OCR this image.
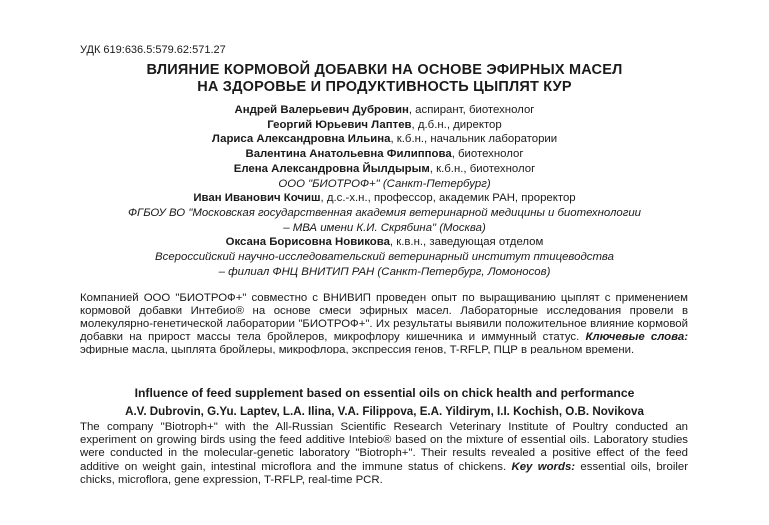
УДК 619:636.5:579.62:571.27
ВЛИЯНИЕ КОРМОВОЙ ДОБАВКИ НА ОСНОВЕ ЭФИРНЫХ МАСЕЛ
НА ЗДОРОВЬЕ И ПРОДУКТИВНОСТЬ ЦЫПЛЯТ КУР
Андрей Валерьевич Дубровин, аспирант, биотехнолог
Георгий Юрьевич Лаптев, д.б.н., директор
Лариса Александровна Ильина, к.б.н., начальник лаборатории
Валентина Анатольевна Филиппова, биотехнолог
Елена Александровна Йылдырым, к.б.н., биотехнолог
ООО "БИОТРОФ+" (Санкт-Петербург)
Иван Иванович Кочиш, д.с.-х.н., профессор, академик РАН, проректор
ФГБОУ ВО "Московская государственная академия ветеринарной медицины и биотехнологии
– МВА имени К.И. Скрябина" (Москва)
Оксана Борисовна Новикова, к.в.н., заведующая отделом
Всероссийский научно-исследовательский ветеринарный институт птицеводства
– филиал ФНЦ ВНИТИП РАН (Санкт-Петербург, Ломоносов)
Компанией ООО "БИОТРОФ+" совместно с ВНИВИП проведен опыт по выращиванию цыплят с применением кормовой добавки Интебио® на основе смеси эфирных масел. Лабораторные исследования провели в молекулярно-генетической лаборатории "БИОТРОФ+". Их результаты выявили положительное влияние кормовой добавки на прирост массы тела бройлеров, микрофлору кишечника и иммунный статус. Ключевые слова: эфирные масла, цыплята бройлеры, микрофлора, экспрессия генов, T-RFLP, ПЦР в реальном времени.
Influence of feed supplement based on essential oils on chick health and performance
A.V. Dubrovin, G.Yu. Laptev, L.A. Ilina, V.A. Filippova, E.A. Yildirym, I.I. Kochish, O.B. Novikova
The company "Biotroph+" with the All-Russian Scientific Research Veterinary Institute of Poultry conducted an experiment on growing birds using the feed additive Intebio® based on the mixture of essential oils. Laboratory studies were conducted in the molecular-genetic laboratory "Biotroph+". Their results revealed a positive effect of the feed additive on weight gain, intestinal microflora and the immune status of chickens. Key words: essential oils, broiler chicks, microflora, gene expression, T-RFLP, real-time PCR.
